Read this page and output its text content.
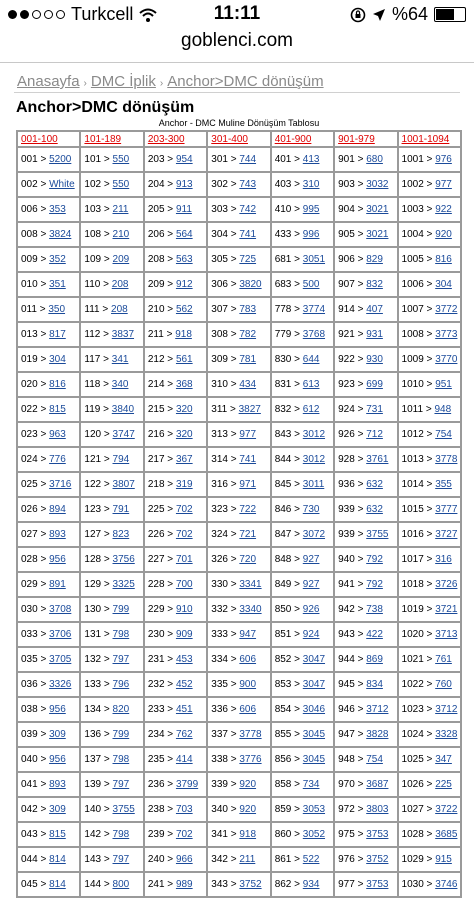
Turkcell	11:11	%64
goblenci.com
Anasayfa › DMC İplik › Anchor>DMC dönüşüm
Anchor>DMC dönüşüm
Anchor - DMC Muline Dönüşüm Tablosu
001-100	101-189	203-300	301-400	401-900	901-979	1001-1094
001 > 5200	101 > 550	203 > 954	301 > 744	401 > 413	901 > 680	1001 > 976
002 > White	102 > 550	204 > 913	302 > 743	403 > 310	903 > 3032	1002 > 977
006 > 353	103 > 211	205 > 911	303 > 742	410 > 995	904 > 3021	1003 > 922
008 > 3824	108 > 210	206 > 564	304 > 741	433 > 996	905 > 3021	1004 > 920
009 > 352	109 > 209	208 > 563	305 > 725	681 > 3051	906 > 829	1005 > 816
010 > 351	110 > 208	209 > 912	306 > 3820	683 > 500	907 > 832	1006 > 304
011 > 350	111 > 208	210 > 562	307 > 783	778 > 3774	914 > 407	1007 > 3772
013 > 817	112 > 3837	211 > 918	308 > 782	779 > 3768	921 > 931	1008 > 3773
019 > 304	117 > 341	212 > 561	309 > 781	830 > 644	922 > 930	1009 > 3770
020 > 816	118 > 340	214 > 368	310 > 434	831 > 613	923 > 699	1010 > 951
022 > 815	119 > 3840	215 > 320	311 > 3827	832 > 612	924 > 731	1011 > 948
023 > 963	120 > 3747	216 > 320	313 > 977	843 > 3012	926 > 712	1012 > 754
024 > 776	121 > 794	217 > 367	314 > 741	844 > 3012	928 > 3761	1013 > 3778
025 > 3716	122 > 3807	218 > 319	316 > 971	845 > 3011	936 > 632	1014 > 355
026 > 894	123 > 791	225 > 702	323 > 722	846 > 730	939 > 632	1015 > 3777
027 > 893	127 > 823	226 > 702	324 > 721	847 > 3072	939 > 3755	1016 > 3727
028 > 956	128 > 3756	227 > 701	326 > 720	848 > 927	940 > 792	1017 > 316
029 > 891	129 > 3325	228 > 700	330 > 3341	849 > 927	941 > 792	1018 > 3726
030 > 3708	130 > 799	229 > 910	332 > 3340	850 > 926	942 > 738	1019 > 3721
033 > 3706	131 > 798	230 > 909	333 > 947	851 > 924	943 > 422	1020 > 3713
035 > 3705	132 > 797	231 > 453	334 > 606	852 > 3047	944 > 869	1021 > 761
036 > 3326	133 > 796	232 > 452	335 > 900	853 > 3047	945 > 834	1022 > 760
038 > 956	134 > 820	233 > 451	336 > 606	854 > 3046	946 > 3712	1023 > 3712
039 > 309	136 > 799	234 > 762	337 > 3778	855 > 3045	947 > 3828	1024 > 3328
040 > 956	137 > 798	235 > 414	338 > 3776	856 > 3045	948 > 754	1025 > 347
041 > 893	139 > 797	236 > 3799	339 > 920	858 > 734	970 > 3687	1026 > 225
042 > 309	140 > 3755	238 > 703	340 > 920	859 > 3053	972 > 3803	1027 > 3722
043 > 815	142 > 798	239 > 702	341 > 918	860 > 3052	975 > 3753	1028 > 3685
044 > 814	143 > 797	240 > 966	342 > 211	861 > 522	976 > 3752	1029 > 915
045 > 814	144 > 800	241 > 989	343 > 3752	862 > 934	977 > 3753	1030 > 3746
